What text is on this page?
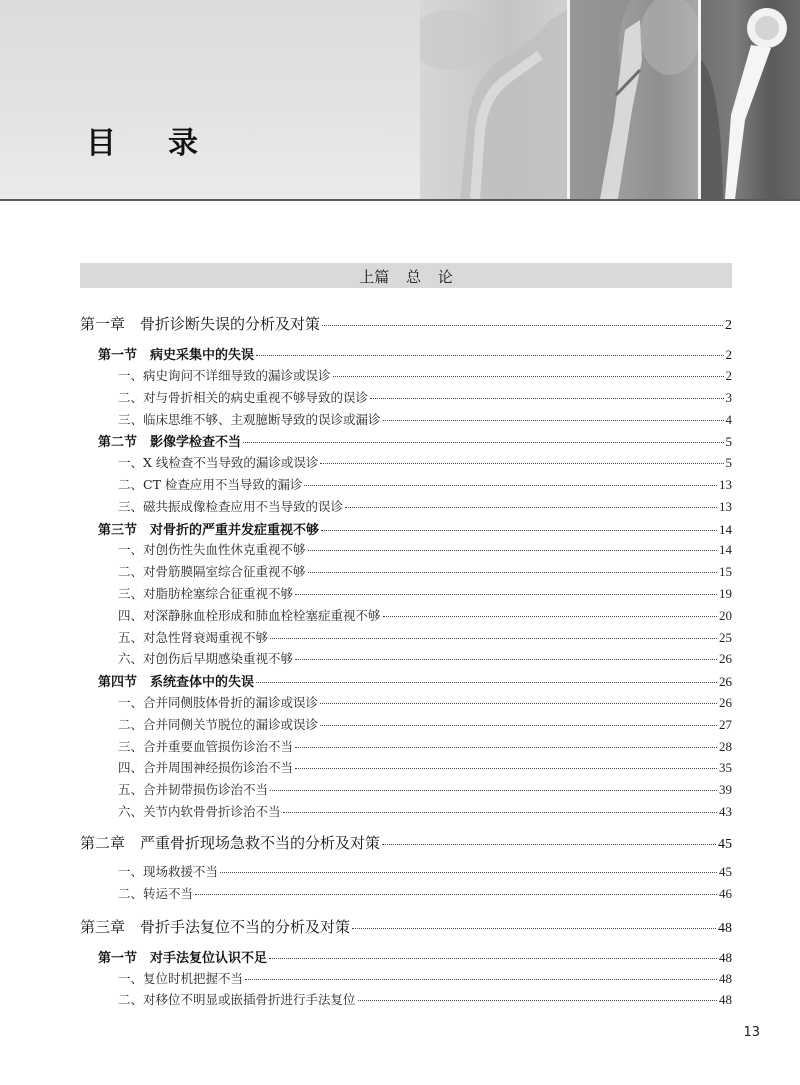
目录
上篇 总 论
第一章　骨折诊断失误的分析及对策	2
第一节　病史采集中的失误	2
一、病史询问不详细导致的漏诊或误诊	2
二、对与骨折相关的病史重视不够导致的误诊	3
三、临床思维不够、主观臆断导致的误诊或漏诊	4
第二节　影像学检查不当	5
一、X 线检查不当导致的漏诊或误诊	5
二、CT 检查应用不当导致的漏诊	13
三、磁共振成像检查应用不当导致的误诊	13
第三节　对骨折的严重并发症重视不够	14
一、对创伤性失血性休克重视不够	14
二、对骨筋膜隔室综合征重视不够	15
三、对脂肪栓塞综合征重视不够	19
四、对深静脉血栓形成和肺血栓栓塞症重视不够	20
五、对急性肾衰竭重视不够	25
六、对创伤后早期感染重视不够	26
第四节　系统查体中的失误	26
一、合并同侧肢体骨折的漏诊或误诊	26
二、合并同侧关节脱位的漏诊或误诊	27
三、合并重要血管损伤诊治不当	28
四、合并周围神经损伤诊治不当	35
五、合并韧带损伤诊治不当	39
六、关节内软骨骨折诊治不当	43
第二章　严重骨折现场急救不当的分析及对策	45
一、现场救援不当	45
二、转运不当	46
第三章　骨折手法复位不当的分析及对策	48
第一节　对手法复位认识不足	48
一、复位时机把握不当	48
二、对移位不明显或嵌插骨折进行手法复位	48
13
